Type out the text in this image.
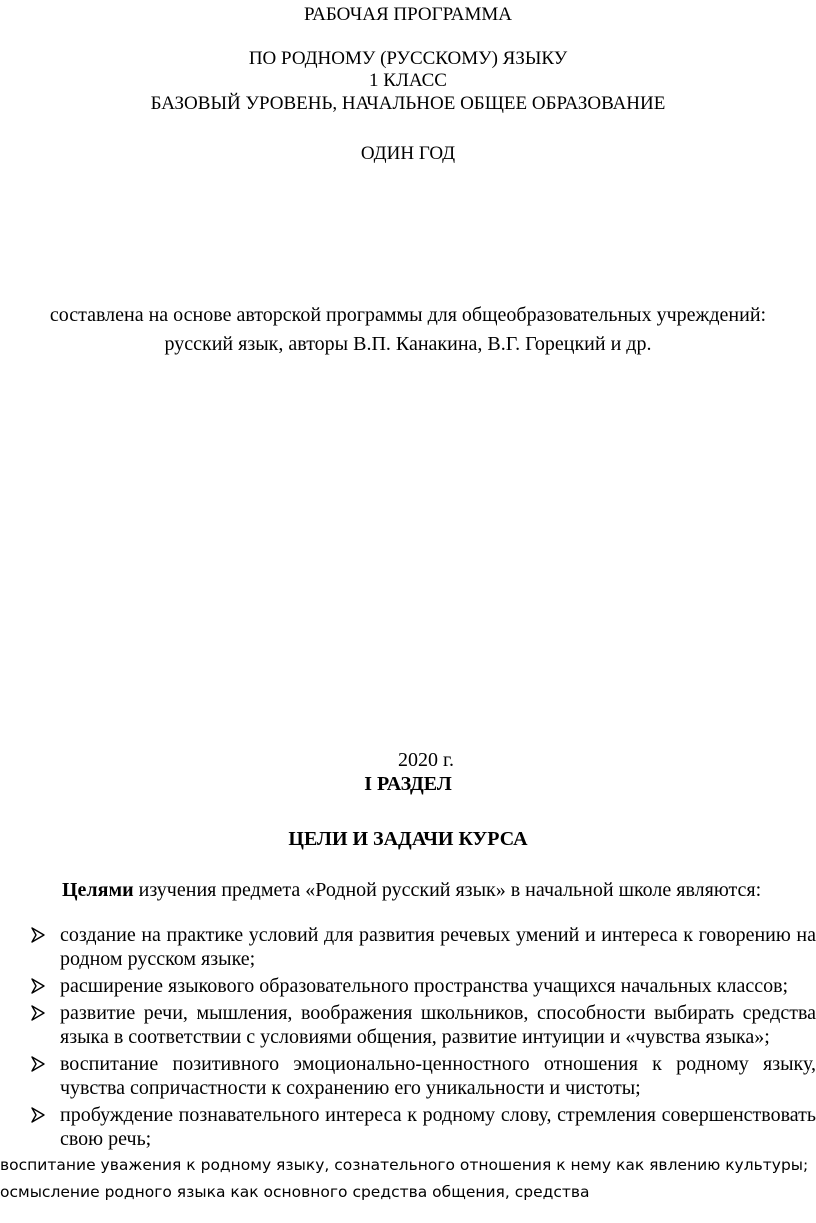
РАБОЧАЯ ПРОГРАММА
ПО РОДНОМУ (РУССКОМУ) ЯЗЫКУ
1 КЛАСС
БАЗОВЫЙ УРОВЕНЬ, НАЧАЛЬНОЕ ОБЩЕЕ ОБРАЗОВАНИЕ
ОДИН ГОД
составлена на основе авторской программы для общеобразовательных учреждений:
русский язык, авторы В.П. Канакина, В.Г. Горецкий и др.
2020 г.
I РАЗДЕЛ
ЦЕЛИ И ЗАДАЧИ КУРСА
Целями изучения предмета «Родной русский язык» в начальной школе являются:
создание на практике условий для развития речевых умений и интереса к говорению на родном русском языке;
расширение языкового образовательного пространства учащихся начальных классов;
развитие речи, мышления, воображения школьников, способности выбирать средства языка в соответствии с условиями общения, развитие интуиции и «чувства языка»;
воспитание позитивного эмоционально-ценностного отношения к родному языку, чувства сопричастности к сохранению его уникальности и чистоты;
пробуждение познавательного интереса к родному слову, стремления совершенствовать свою речь;
воспитание уважения к родному языку, сознательного отношения к нему как явлению культуры;
осмысление родного языка как основного средства общения, средства
